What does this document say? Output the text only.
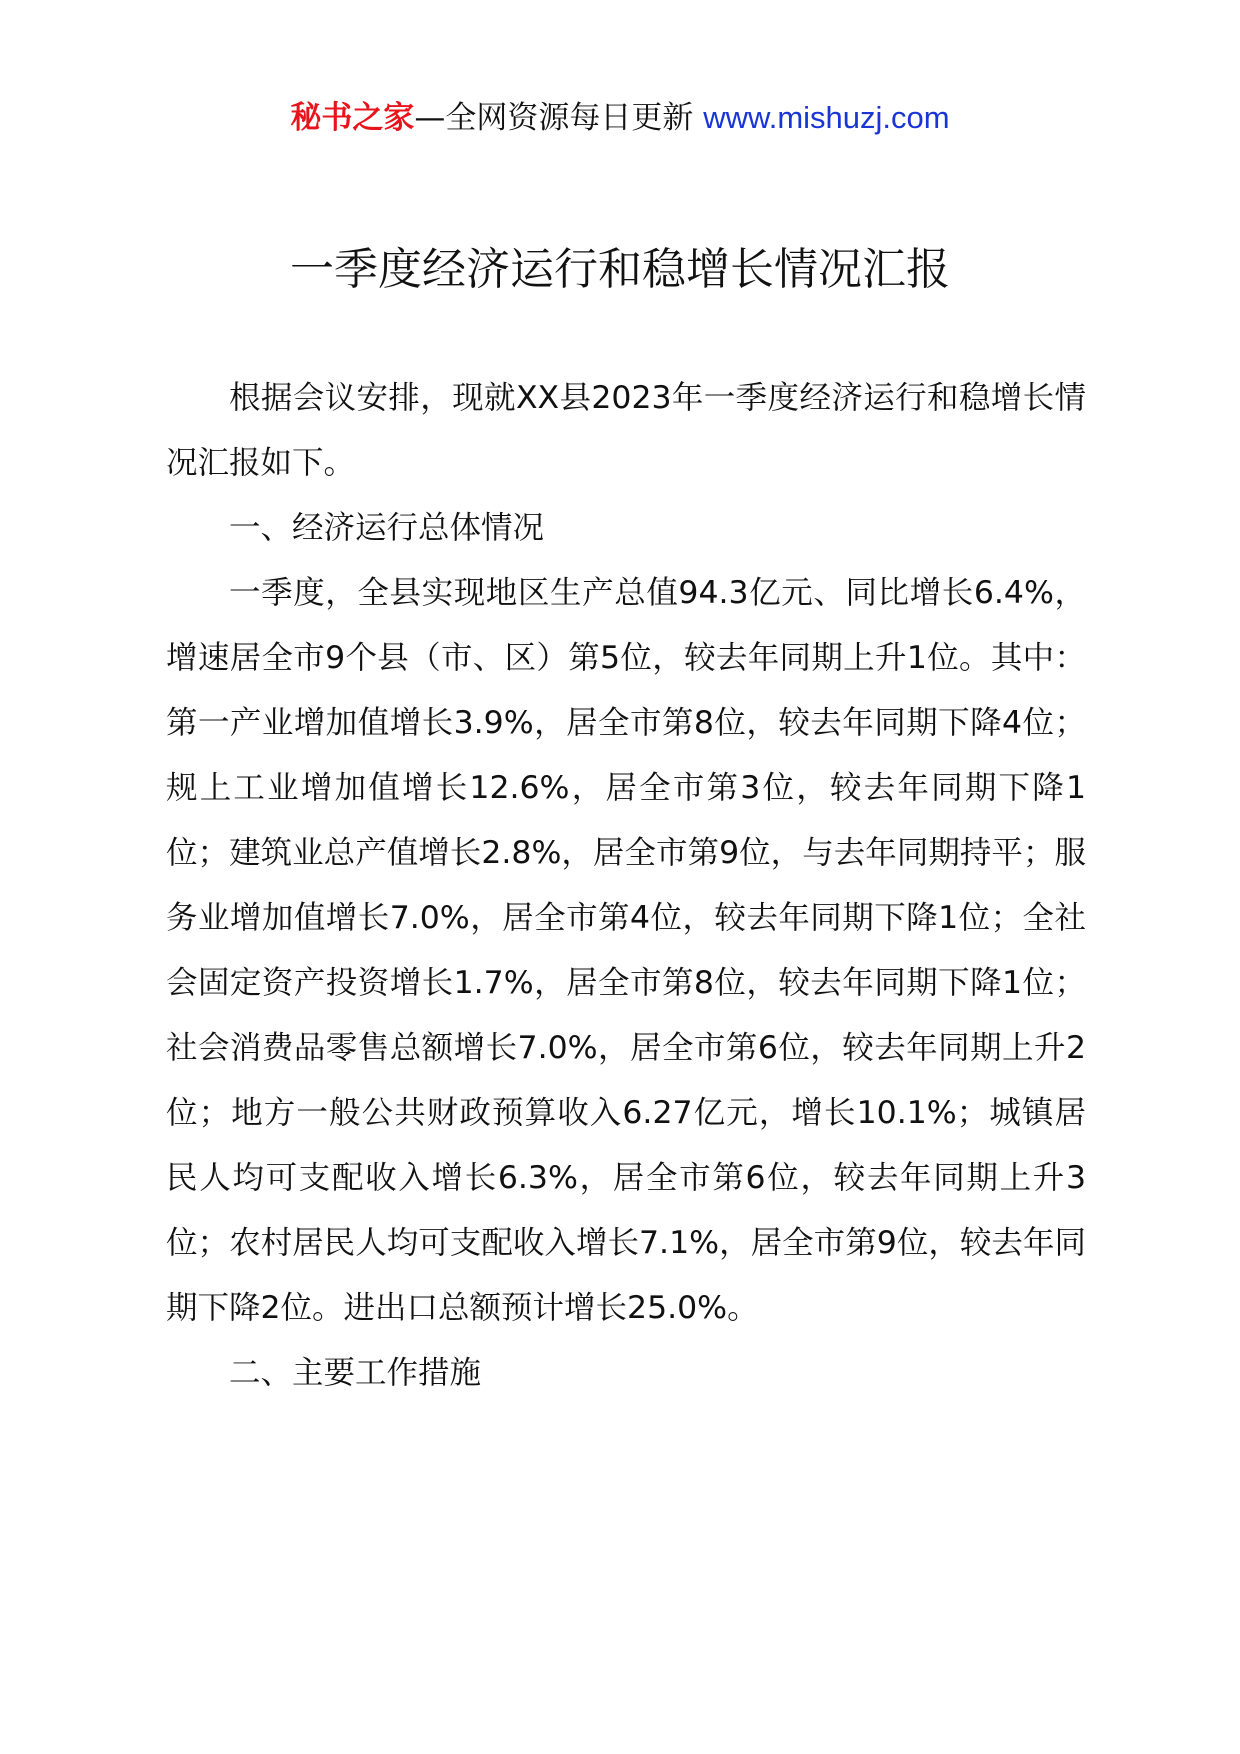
秘书之家—全网资源每日更新 www.mishuzj.com
一季度经济运行和稳增长情况汇报

根据会议安排，现就XX县2023年一季度经济运行和稳增长情况汇报如下。

一、经济运行总体情况

一季度，全县实现地区生产总值94.3亿元、同比增长6.4%，增速居全市9个县（市、区）第5位，较去年同期上升1位。其中：第一产业增加值增长3.9%，居全市第8位，较去年同期下降4位；规上工业增加值增长12.6%，居全市第3位，较去年同期下降1位；建筑业总产值增长2.8%，居全市第9位，与去年同期持平；服务业增加值增长7.0%，居全市第4位，较去年同期下降1位；全社会固定资产投资增长1.7%，居全市第8位，较去年同期下降1位；社会消费品零售总额增长7.0%，居全市第6位，较去年同期上升2位；地方一般公共财政预算收入6.27亿元，增长10.1%；城镇居民人均可支配收入增长6.3%，居全市第6位，较去年同期上升3位；农村居民人均可支配收入增长7.1%，居全市第9位，较去年同期下降2位。进出口总额预计增长25.0%。

二、主要工作措施
